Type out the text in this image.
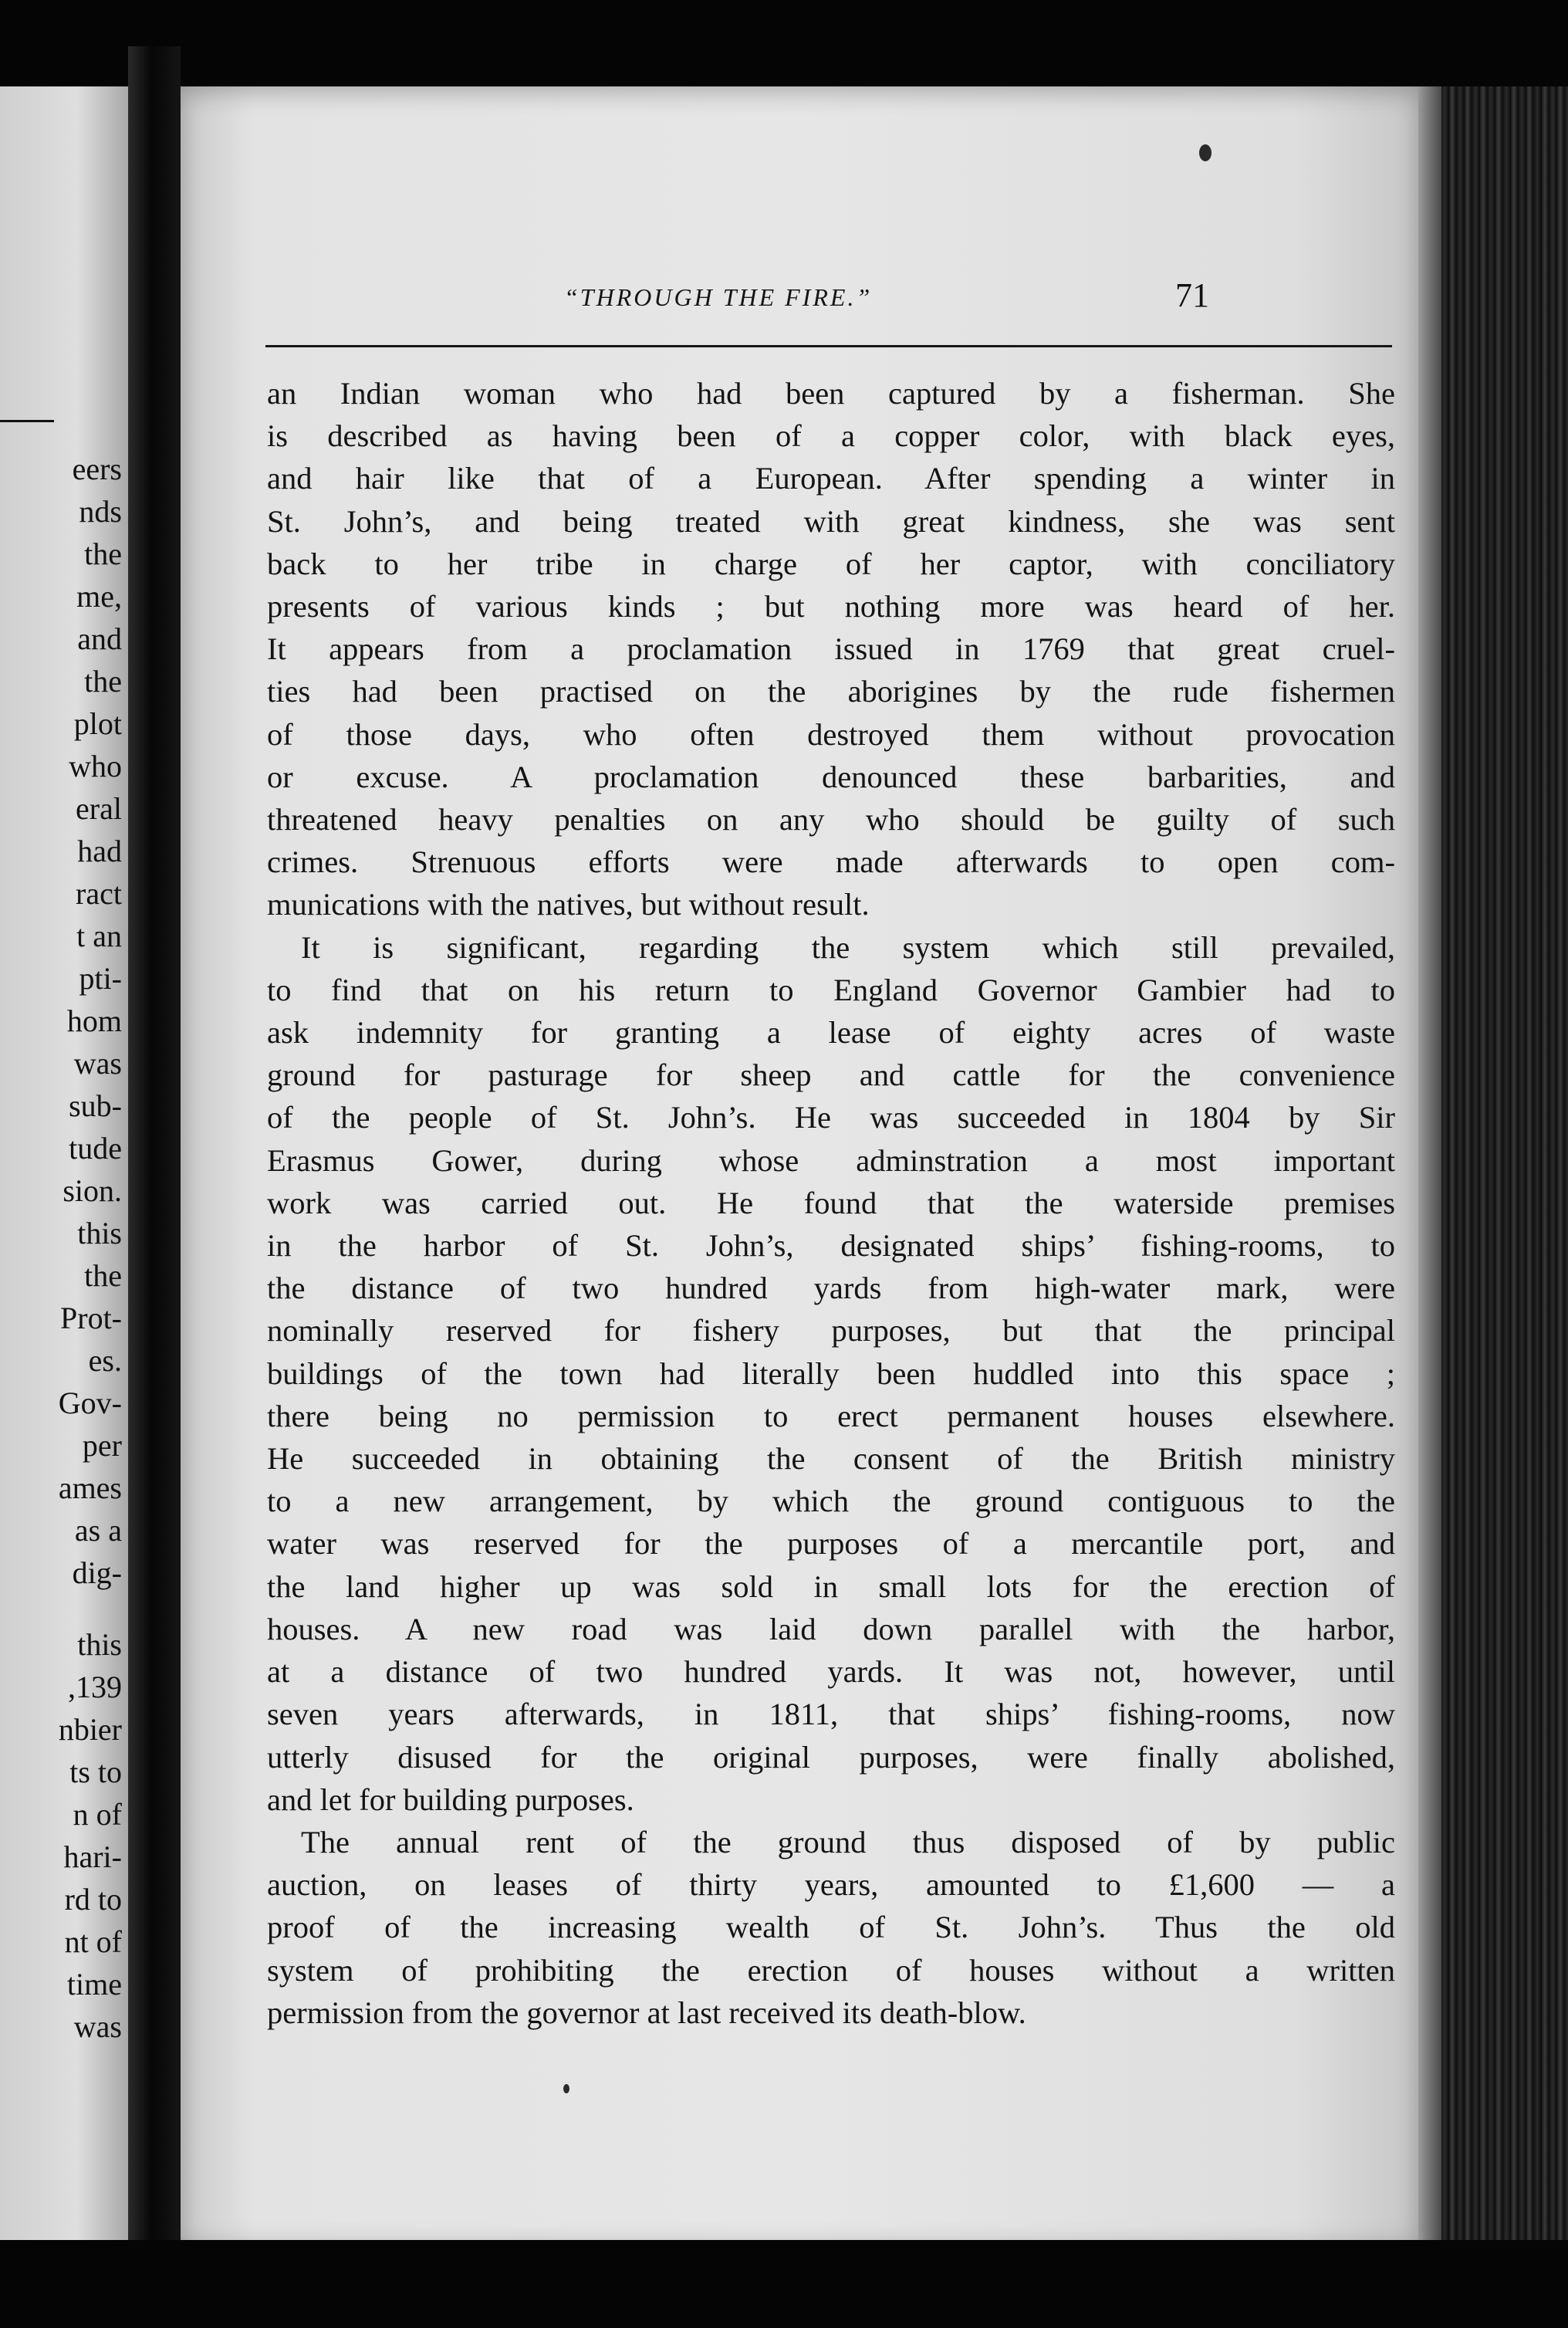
eers
nds
the
me,
and
the
plot
who
eral
had
ract
t an
pti-
hom
was
sub-
tude
sion.
this
the
Prot-
es.
Gov-
per
ames
as a
dig-
this
,139
nbier
ts to
n of
hari-
rd to
nt of
time
was
“THROUGH THE FIRE.”	71
an Indian woman who had been captured by a fisherman. She
is described as having been of a copper color, with black eyes,
and hair like that of a European. After spending a winter in
St. John’s, and being treated with great kindness, she was sent
back to her tribe in charge of her captor, with conciliatory
presents of various kinds ; but nothing more was heard of her.
It appears from a proclamation issued in 1769 that great cruel-
ties had been practised on the aborigines by the rude fishermen
of those days, who often destroyed them without provocation
or excuse. A proclamation denounced these barbarities, and
threatened heavy penalties on any who should be guilty of such
crimes. Strenuous efforts were made afterwards to open com-
munications with the natives, but without result.
It is significant, regarding the system which still prevailed,
to find that on his return to England Governor Gambier had to
ask indemnity for granting a lease of eighty acres of waste
ground for pasturage for sheep and cattle for the convenience
of the people of St. John’s. He was succeeded in 1804 by Sir
Erasmus Gower, during whose adminstration a most important
work was carried out. He found that the waterside premises
in the harbor of St. John’s, designated ships’ fishing-rooms, to
the distance of two hundred yards from high-water mark, were
nominally reserved for fishery purposes, but that the principal
buildings of the town had literally been huddled into this space ;
there being no permission to erect permanent houses elsewhere.
He succeeded in obtaining the consent of the British ministry
to a new arrangement, by which the ground contiguous to the
water was reserved for the purposes of a mercantile port, and
the land higher up was sold in small lots for the erection of
houses. A new road was laid down parallel with the harbor,
at a distance of two hundred yards. It was not, however, until
seven years afterwards, in 1811, that ships’ fishing-rooms, now
utterly disused for the original purposes, were finally abolished,
and let for building purposes.
The annual rent of the ground thus disposed of by public
auction, on leases of thirty years, amounted to £1,600 — a
proof of the increasing wealth of St. John’s. Thus the old
system of prohibiting the erection of houses without a written
permission from the governor at last received its death-blow.
